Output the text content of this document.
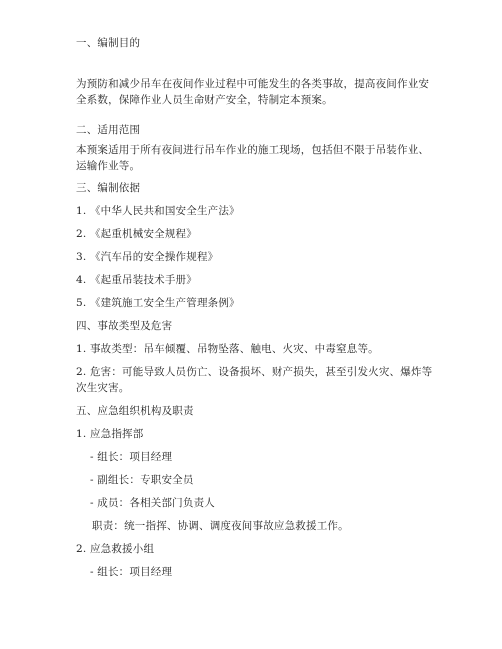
一、编制目的
为预防和减少吊车在夜间作业过程中可能发生的各类事故，提高夜间作业安全系数，保障作业人员生命财产安全，特制定本预案。
二、适用范围
本预案适用于所有夜间进行吊车作业的施工现场，包括但不限于吊装作业、运输作业等。
三、编制依据
1. 《中华人民共和国安全生产法》
2. 《起重机械安全规程》
3. 《汽车吊的安全操作规程》
4. 《起重吊装技术手册》
5. 《建筑施工安全生产管理条例》
四、事故类型及危害
1. 事故类型：吊车倾覆、吊物坠落、触电、火灾、中毒窒息等。
2. 危害：可能导致人员伤亡、设备损坏、财产损失，甚至引发火灾、爆炸等次生灾害。
五、应急组织机构及职责
1. 应急指挥部
- 组长：项目经理
- 副组长：专职安全员
- 成员：各相关部门负责人
职责：统一指挥、协调、调度夜间事故应急救援工作。
2. 应急救援小组
- 组长：项目经理
